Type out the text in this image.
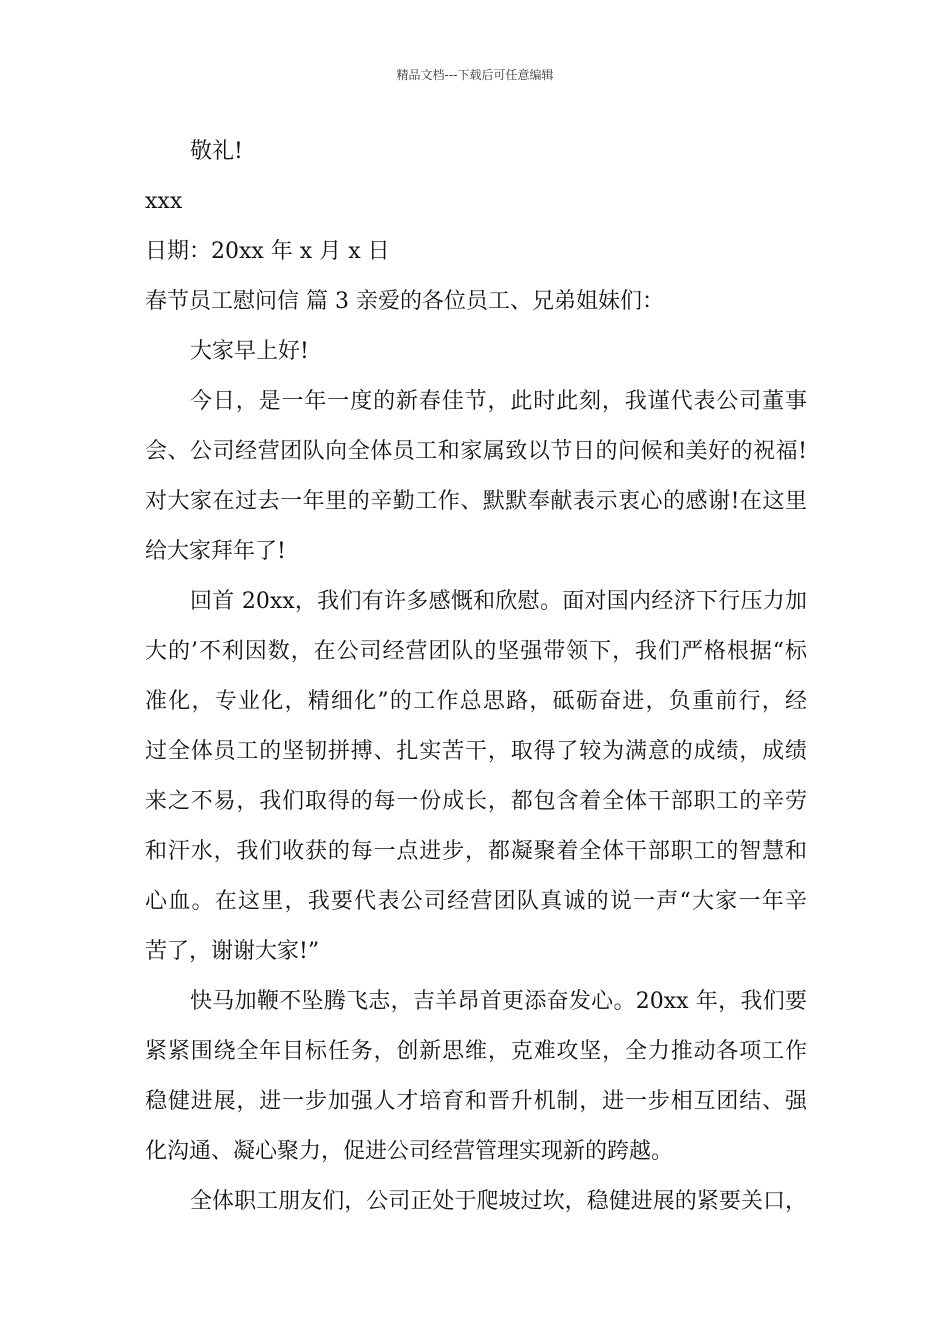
精品文档---下载后可任意编辑
敬礼!
xxx
日期：20xx 年 x 月 x 日
春节员工慰问信 篇 3 亲爱的各位员工、兄弟姐妹们：
大家早上好!
今日，是一年一度的新春佳节，此时此刻，我谨代表公司董事
会、公司经营团队向全体员工和家属致以节日的问候和美好的祝福!
对大家在过去一年里的辛勤工作、默默奉献表示衷心的感谢!在这里
给大家拜年了!
回首 20xx，我们有许多感慨和欣慰。面对国内经济下行压力加
大的’不利因数，在公司经营团队的坚强带领下，我们严格根据“标
准化，专业化，精细化”的工作总思路，砥砺奋进，负重前行，经
过全体员工的坚韧拼搏、扎实苦干，取得了较为满意的成绩，成绩
来之不易，我们取得的每一份成长，都包含着全体干部职工的辛劳
和汗水，我们收获的每一点进步，都凝聚着全体干部职工的智慧和
心血。在这里，我要代表公司经营团队真诚的说一声“大家一年辛
苦了，谢谢大家!”
快马加鞭不坠腾飞志，吉羊昂首更添奋发心。20xx 年，我们要
紧紧围绕全年目标任务，创新思维，克难攻坚，全力推动各项工作
稳健进展，进一步加强人才培育和晋升机制，进一步相互团结、强
化沟通、凝心聚力，促进公司经营管理实现新的跨越。
全体职工朋友们，公司正处于爬坡过坎，稳健进展的紧要关口，
